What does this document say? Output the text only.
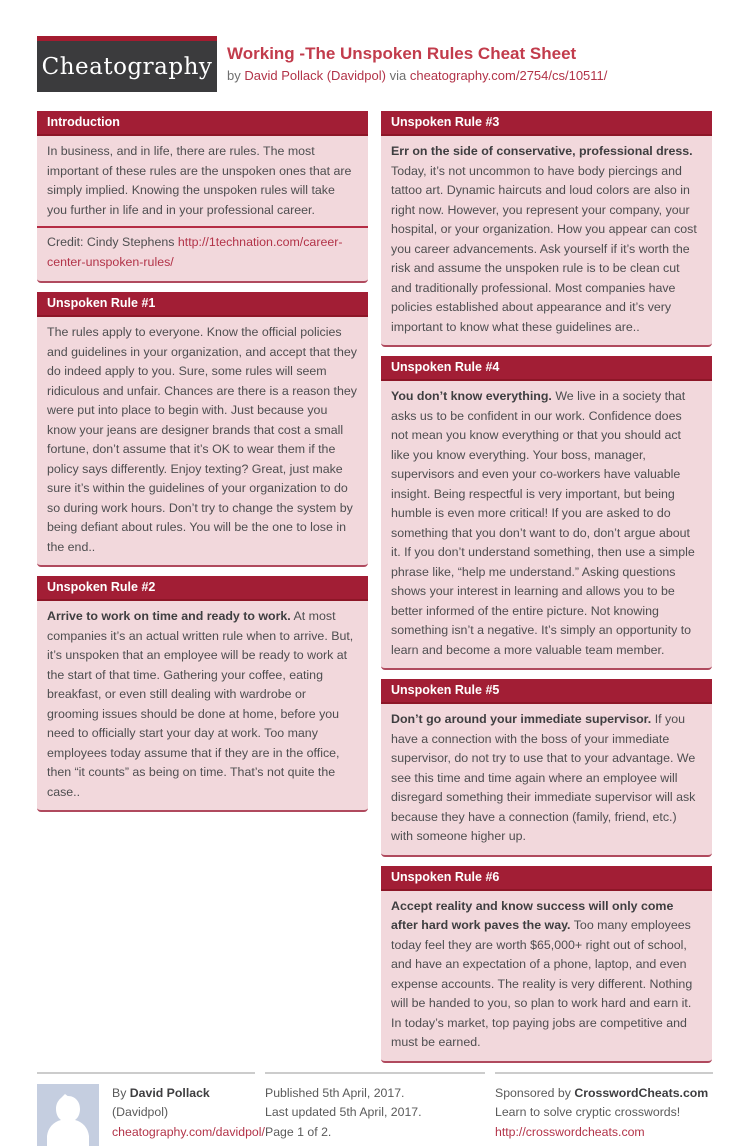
Cheatography Working -The Unspoken Rules Cheat Sheet
by David Pollack (Davidpol) via cheatography.com/2754/cs/10511/
Introduction
In business, and in life, there are rules. The most important of these rules are the unspoken ones that are simply implied. Knowing the unspoken rules will take you further in life and in your professional career.
Credit: Cindy Stephens http://1technation.com/career-center-unspoken-rules/
Unspoken Rule #1
The rules apply to everyone. Know the official policies and guidelines in your organization, and accept that they do indeed apply to you. Sure, some rules will seem ridiculous and unfair. Chances are there is a reason they were put into place to begin with. Just because you know your jeans are designer brands that cost a small fortune, don’t assume that it’s OK to wear them if the policy says differently. Enjoy texting? Great, just make sure it’s within the guidelines of your organization to do so during work hours. Don’t try to change the system by being defiant about rules. You will be the one to lose in the end..
Unspoken Rule #2
Arrive to work on time and ready to work. At most companies it’s an actual written rule when to arrive. But, it’s unspoken that an employee will be ready to work at the start of that time. Gathering your coffee, eating breakfast, or even still dealing with wardrobe or grooming issues should be done at home, before you need to officially start your day at work. Too many employees today assume that if they are in the office, then “it counts” as being on time. That’s not quite the case..
Unspoken Rule #3
Err on the side of conservative, professional dress. Today, it’s not uncommon to have body piercings and tattoo art. Dynamic haircuts and loud colors are also in right now. However, you represent your company, your hospital, or your organization. How you appear can cost you career advancements. Ask yourself if it’s worth the risk and assume the unspoken rule is to be clean cut and traditionally professional. Most companies have policies established about appearance and it’s very important to know what these guidelines are..
Unspoken Rule #4
You don’t know everything. We live in a society that asks us to be confident in our work. Confidence does not mean you know everything or that you should act like you know everything. Your boss, manager, supervisors and even your co-workers have valuable insight. Being respectful is very important, but being humble is even more critical! If you are asked to do something that you don’t want to do, don’t argue about it. If you don’t understand something, then use a simple phrase like, “help me understand.” Asking questions shows your interest in learning and allows you to be better informed of the entire picture. Not knowing something isn’t a negative. It’s simply an opportunity to learn and become a more valuable team member.
Unspoken Rule #5
Don’t go around your immediate supervisor. If you have a connection with the boss of your immediate supervisor, do not try to use that to your advantage. We see this time and time again where an employee will disregard something their immediate supervisor will ask because they have a connection (family, friend, etc.) with someone higher up.
Unspoken Rule #6
Accept reality and know success will only come after hard work paves the way. Too many employees today feel they are worth $65,000+ right out of school, and have an expectation of a phone, laptop, and even expense accounts. The reality is very different. Nothing will be handed to you, so plan to work hard and earn it. In today’s market, top paying jobs are competitive and must be earned.
By David Pollack (Davidpol)
cheatography.com/davidpol/
Published 5th April, 2017.
Last updated 5th April, 2017.
Page 1 of 2.
Sponsored by CrosswordCheats.com
Learn to solve cryptic crosswords!
http://crosswordcheats.com
